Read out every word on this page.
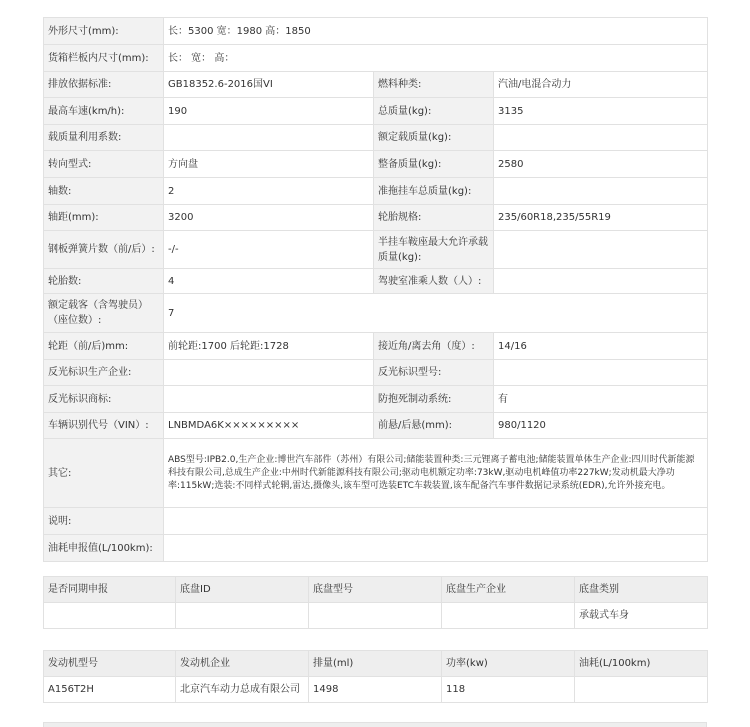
外形尺寸(mm):	长：5300 宽：1980 高：1850		
货箱栏板内尺寸(mm):	长： 宽： 高：		
排放依据标准:	GB18352.6-2016国VI	燃料种类:	汽油/电混合动力
最高车速(km/h):	190	总质量(kg):	3135
载质量利用系数:		额定载质量(kg):	
转向型式:	方向盘	整备质量(kg):	2580
轴数:	2	准拖挂车总质量(kg):	
轴距(mm):	3200	轮胎规格:	235/60R18,235/55R19
钢板弹簧片数（前/后）:	-/-	半挂车鞍座最大允许承载质量(kg):	
轮胎数:	4	驾驶室准乘人数（人）:	
额定载客（含驾驶员）（座位数）:	7		
轮距（前/后)mm:	前轮距:1700 后轮距:1728	接近角/离去角（度）:	14/16
反光标识生产企业:		反光标识型号:	
反光标识商标:		防抱死制动系统:	有
车辆识别代号（VIN）:	LNBMDA6K×××××××××	前悬/后悬(mm):	980/1120
其它:	ABS型号:IPB2.0,生产企业:博世汽车部件（苏州）有限公司;储能装置种类:三元锂离子蓄电池;储能装置单体生产企业:四川时代新能源科技有限公司,总成生产企业:中州时代新能源科技有限公司;驱动电机额定功率:73kW,驱动电机峰值功率227kW;发动机最大净功率:115kW;选装:不同样式轮辋,雷达,摄像头,该车型可选装ETC车载装置,该车配备汽车事件数据记录系统(EDR),允许外接充电。		
说明:			
油耗申报值(L/100km):			
是否同期申报	底盘ID	底盘型号	底盘生产企业	底盘类别
				承载式车身
发动机型号	发动机企业	排量(ml)	功率(kw)	油耗(L/100km)
A156T2H	北京汽车动力总成有限公司	1498	118	
